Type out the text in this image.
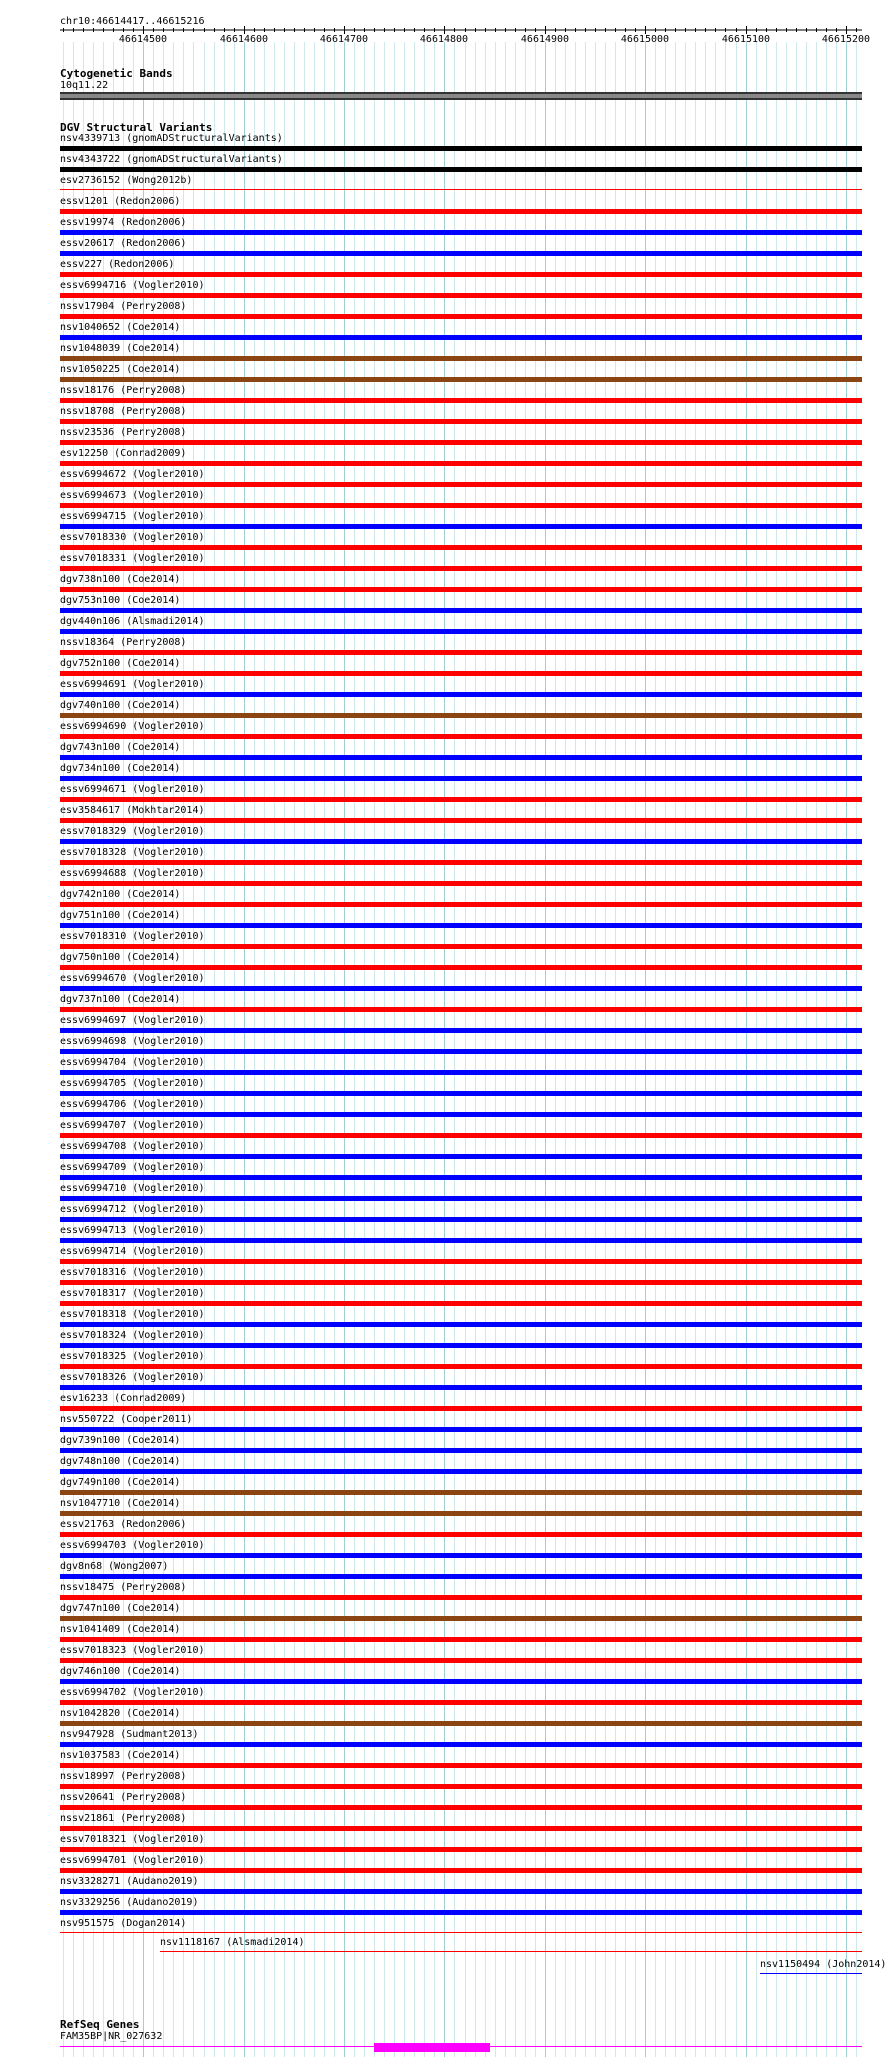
chr10:46614417..46615216
46614500	46614600	46614700	46614800	46614900	46615000	46615100	46615200
Cytogenetic Bands
10q11.22
DGV Structural Variants
nsv4339713 (gnomADStructuralVariants)
nsv4343722 (gnomADStructuralVariants)
esv2736152 (Wong2012b)
essv1201 (Redon2006)
essv19974 (Redon2006)
essv20617 (Redon2006)
essv227 (Redon2006)
essv6994716 (Vogler2010)
nssv17904 (Perry2008)
nsv1040652 (Coe2014)
nsv1048039 (Coe2014)
nsv1050225 (Coe2014)
nssv18176 (Perry2008)
nssv18708 (Perry2008)
nssv23536 (Perry2008)
esv12250 (Conrad2009)
essv6994672 (Vogler2010)
essv6994673 (Vogler2010)
essv6994715 (Vogler2010)
essv7018330 (Vogler2010)
essv7018331 (Vogler2010)
dgv738n100 (Coe2014)
dgv753n100 (Coe2014)
dgv440n106 (Alsmadi2014)
nssv18364 (Perry2008)
dgv752n100 (Coe2014)
essv6994691 (Vogler2010)
dgv740n100 (Coe2014)
essv6994690 (Vogler2010)
dgv743n100 (Coe2014)
dgv734n100 (Coe2014)
essv6994671 (Vogler2010)
esv3584617 (Mokhtar2014)
essv7018329 (Vogler2010)
essv7018328 (Vogler2010)
essv6994688 (Vogler2010)
dgv742n100 (Coe2014)
dgv751n100 (Coe2014)
essv7018310 (Vogler2010)
dgv750n100 (Coe2014)
essv6994670 (Vogler2010)
dgv737n100 (Coe2014)
essv6994697 (Vogler2010)
essv6994698 (Vogler2010)
essv6994704 (Vogler2010)
essv6994705 (Vogler2010)
essv6994706 (Vogler2010)
essv6994707 (Vogler2010)
essv6994708 (Vogler2010)
essv6994709 (Vogler2010)
essv6994710 (Vogler2010)
essv6994712 (Vogler2010)
essv6994713 (Vogler2010)
essv6994714 (Vogler2010)
essv7018316 (Vogler2010)
essv7018317 (Vogler2010)
essv7018318 (Vogler2010)
essv7018324 (Vogler2010)
essv7018325 (Vogler2010)
essv7018326 (Vogler2010)
esv16233 (Conrad2009)
nsv550722 (Cooper2011)
dgv739n100 (Coe2014)
dgv748n100 (Coe2014)
dgv749n100 (Coe2014)
nsv1047710 (Coe2014)
essv21763 (Redon2006)
essv6994703 (Vogler2010)
dgv8n68 (Wong2007)
nssv18475 (Perry2008)
dgv747n100 (Coe2014)
nsv1041409 (Coe2014)
essv7018323 (Vogler2010)
dgv746n100 (Coe2014)
essv6994702 (Vogler2010)
nsv1042820 (Coe2014)
nsv947928 (Sudmant2013)
nsv1037583 (Coe2014)
nssv18997 (Perry2008)
nssv20641 (Perry2008)
nssv21861 (Perry2008)
essv7018321 (Vogler2010)
essv6994701 (Vogler2010)
nsv3328271 (Audano2019)
nsv3329256 (Audano2019)
nsv951575 (Dogan2014)
nsv1118167 (Alsmadi2014)
nsv1150494 (John2014)
RefSeq Genes
FAM35BP|NR_027632
